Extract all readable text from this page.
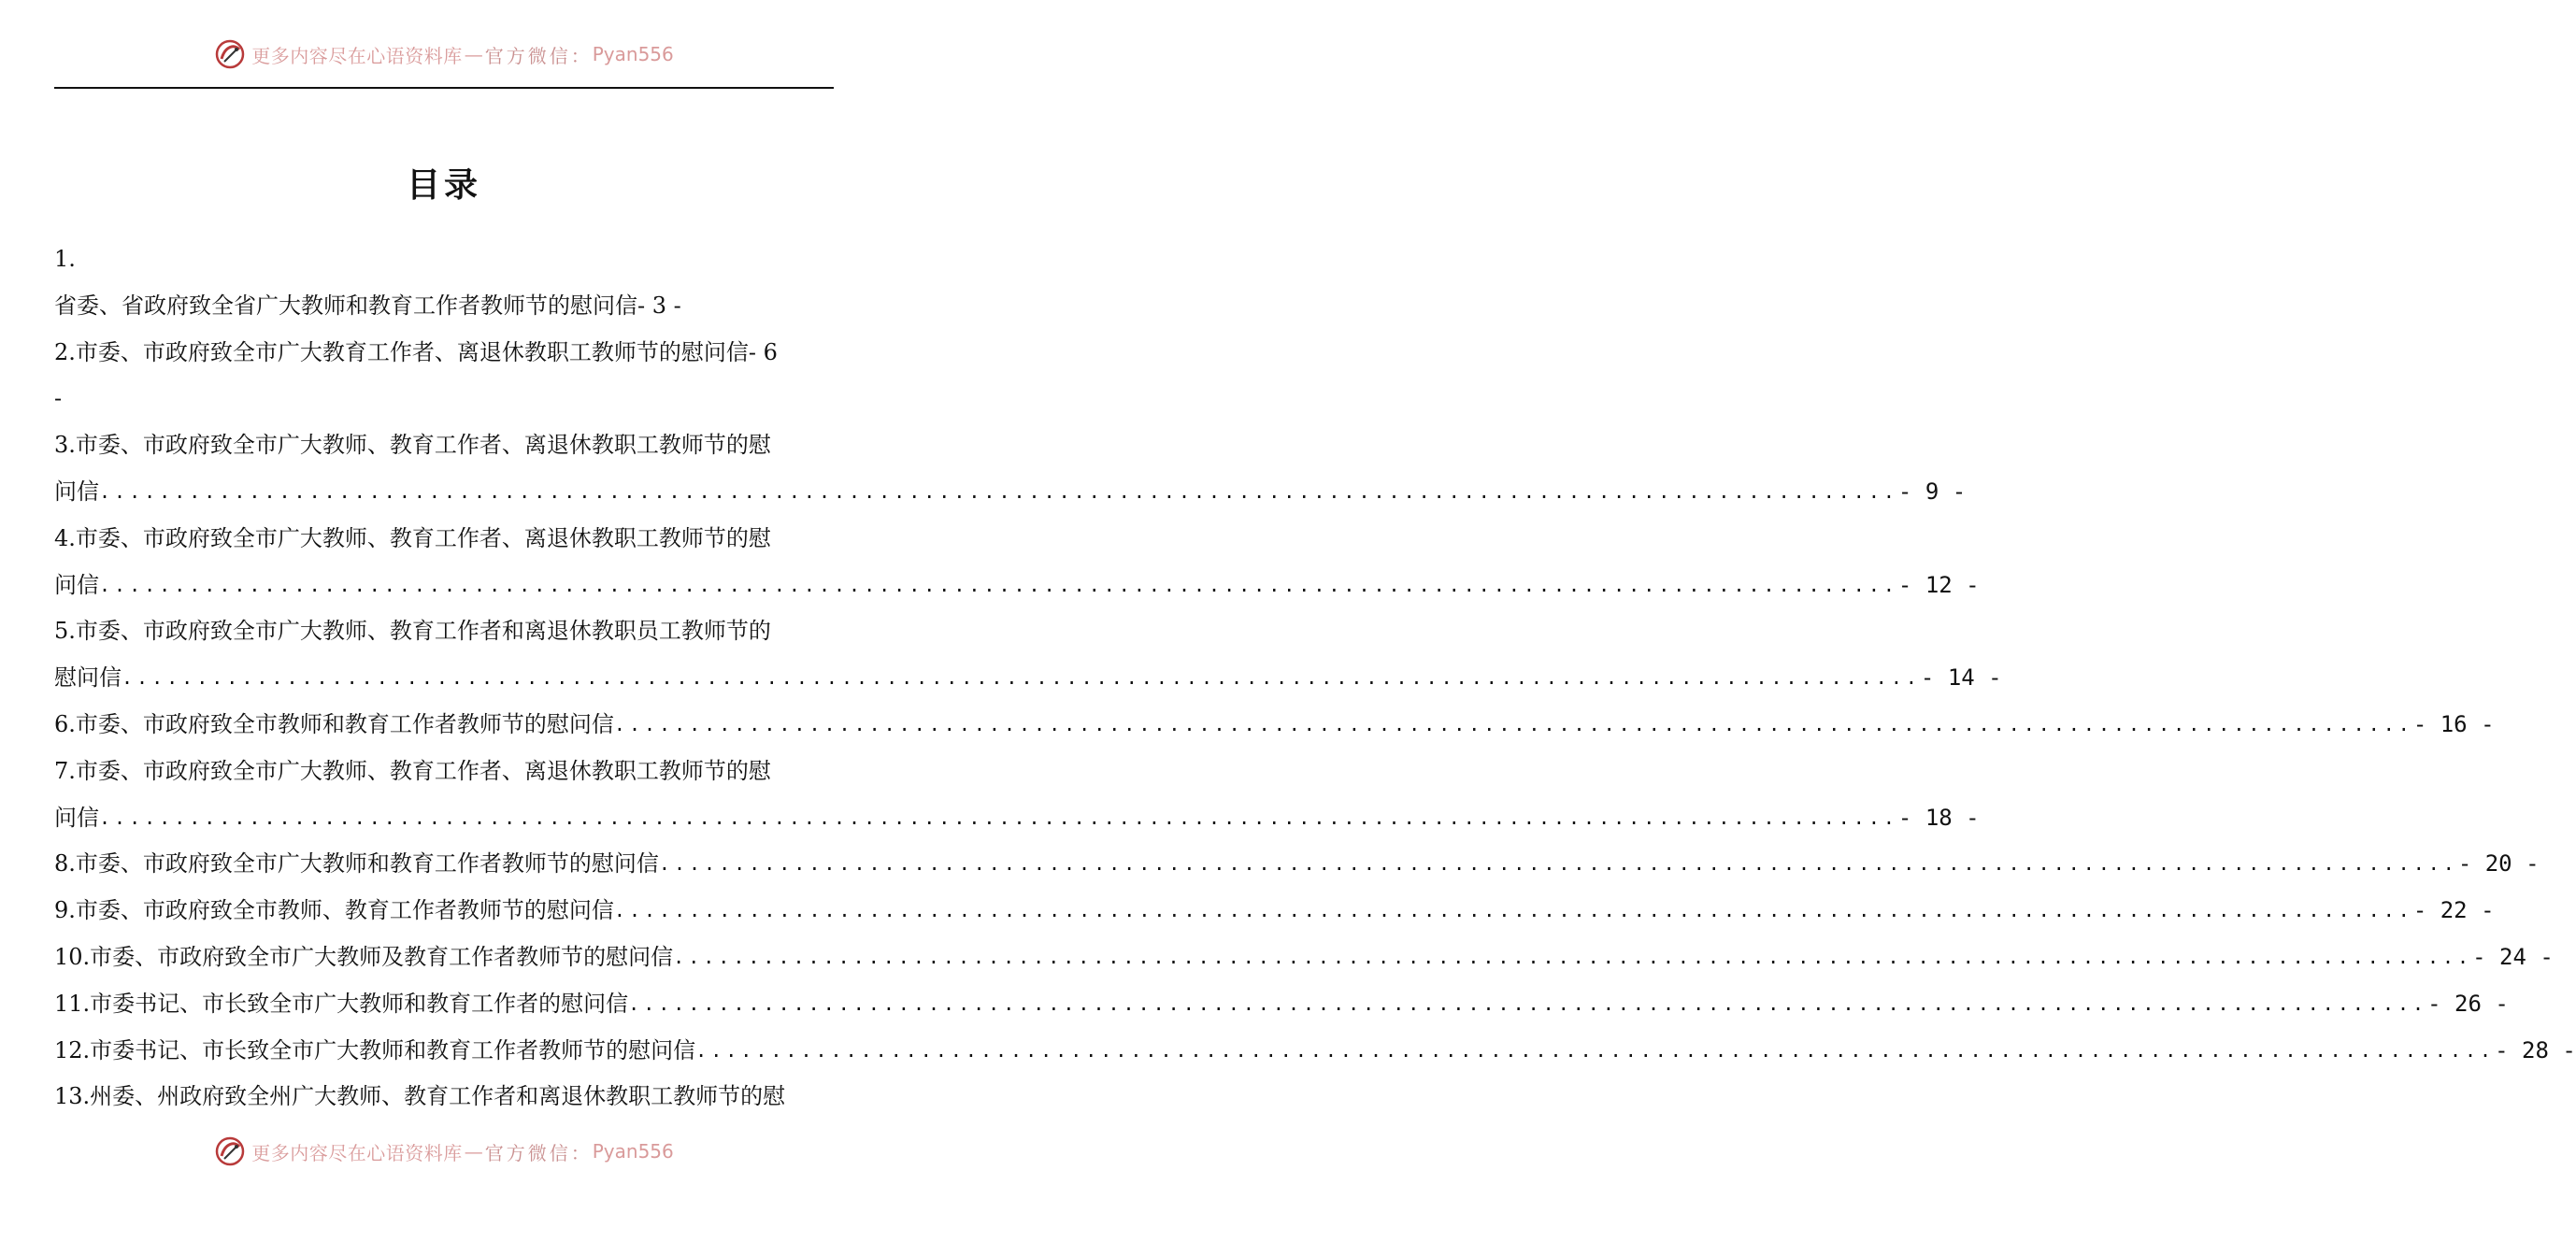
更多内容尽在心语资料库 — 官方微信： Pyan556
目录
1.
省委、省政府致全省广大教师和教育工作者教师节的慰问信- 3 -
2.市委、市政府致全市广大教育工作者、离退休教职工教师节的慰问信- 6
-
3.市委、市政府致全市广大教师、教育工作者、离退休教职工教师节的慰
问信 ........................................................................................................................ - 9 -
4.市委、市政府致全市广大教师、教育工作者、离退休教职工教师节的慰
问信 ........................................................................................................................ - 12 -
5.市委、市政府致全市广大教师、教育工作者和离退休教职员工教师节的
慰问信 ........................................................................................................................ - 14 -
6.市委、市政府致全市教师和教育工作者教师节的慰问信 ........................................................................................................................ - 16 -
7.市委、市政府致全市广大教师、教育工作者、离退休教职工教师节的慰
问信 ........................................................................................................................ - 18 -
8.市委、市政府致全市广大教师和教育工作者教师节的慰问信 ........................................................................................................................ - 20 -
9.市委、市政府致全市教师、教育工作者教师节的慰问信 ........................................................................................................................ - 22 -
10.市委、市政府致全市广大教师及教育工作者教师节的慰问信 ........................................................................................................................ - 24 -
11.市委书记、市长致全市广大教师和教育工作者的慰问信 ........................................................................................................................ - 26 -
12.市委书记、市长致全市广大教师和教育工作者教师节的慰问信 ........................................................................................................................ - 28 -
13.州委、州政府致全州广大教师、教育工作者和离退休教职工教师节的慰
更多内容尽在心语资料库 — 官方微信： Pyan556
